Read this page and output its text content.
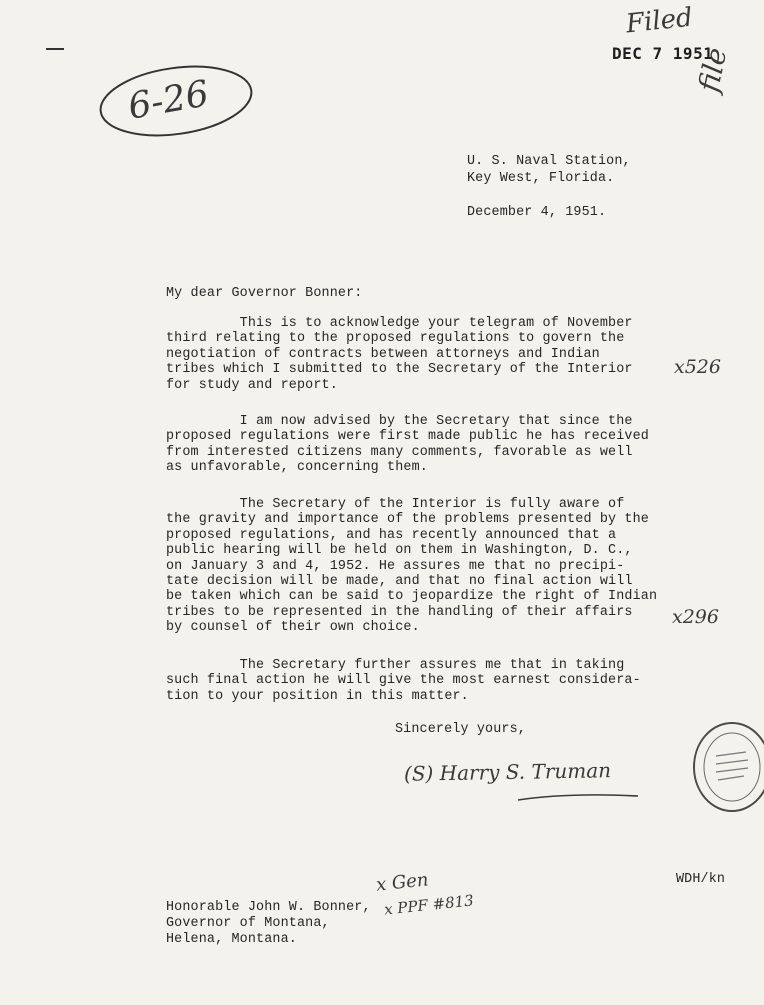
Filed
DEC 7 1951
file
6-26
U. S. Naval Station,
Key West, Florida.
December 4, 1951.
My dear Governor Bonner:
This is to acknowledge your telegram of November
third relating to the proposed regulations to govern the
negotiation of contracts between attorneys and Indian
tribes which I submitted to the Secretary of the Interior
for study and report.
I am now advised by the Secretary that since the
proposed regulations were first made public he has received
from interested citizens many comments, favorable as well
as unfavorable, concerning them.
The Secretary of the Interior is fully aware of
the gravity and importance of the problems presented by the
proposed regulations, and has recently announced that a
public hearing will be held on them in Washington, D. C.,
on January 3 and 4, 1952. He assures me that no precipi-
tate decision will be made, and that no final action will
be taken which can be said to jeopardize the right of Indian
tribes to be represented in the handling of their affairs
by counsel of their own choice.
The Secretary further assures me that in taking
such final action he will give the most earnest considera-
tion to your position in this matter.
x526
x296
Sincerely yours,
(S) Harry S. Truman
WDH/kn
Honorable John W. Bonner,
Governor of Montana,
Helena, Montana.
x Gen
x PPF #813
